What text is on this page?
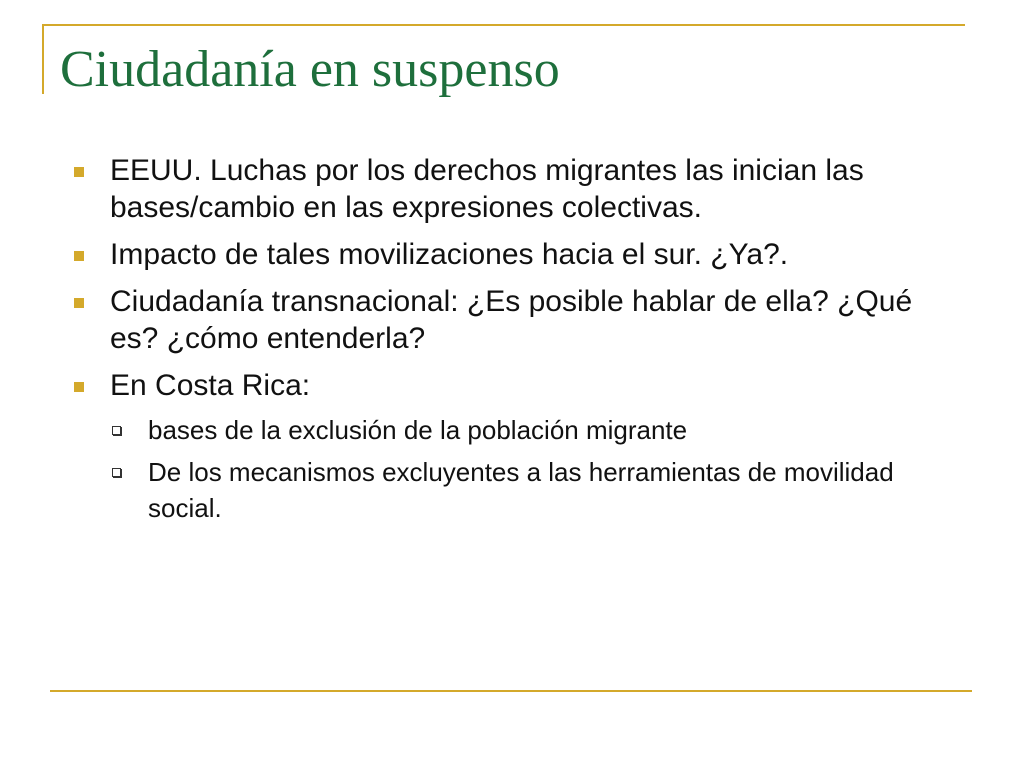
Ciudadanía en suspenso
EEUU. Luchas por los derechos migrantes las inician las bases/cambio en las expresiones colectivas.
Impacto de tales movilizaciones hacia el sur. ¿Ya?.
Ciudadanía transnacional: ¿Es posible hablar de ella? ¿Qué es? ¿cómo entenderla?
En Costa Rica:
bases de la exclusión de la población migrante
De los mecanismos excluyentes a las herramientas de movilidad social.
